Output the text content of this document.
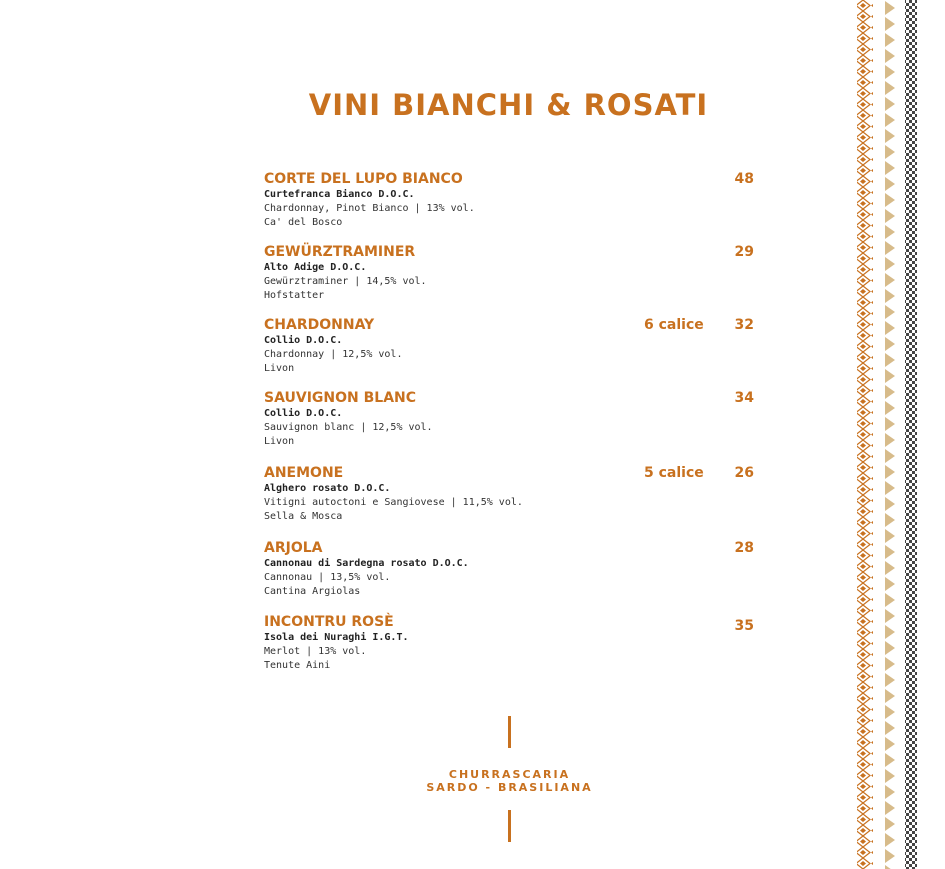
VINI BIANCHI & ROSATI
CORTE DEL LUPO BIANCO	48
Curtefranca Bianco D.O.C.
Chardonnay, Pinot Bianco | 13% vol.
Ca' del Bosco
GEWÜRZTRAMINER	29
Alto Adige D.O.C.
Gewürztraminer | 14,5% vol.
Hofstatter
CHARDONNAY	6 calice 32
Collio D.O.C.
Chardonnay | 12,5% vol.
Livon
SAUVIGNON BLANC	34
Collio D.O.C.
Sauvignon blanc | 12,5% vol.
Livon
ANEMONE	5 calice 26
Alghero rosato D.O.C.
Vitigni autoctoni e Sangiovese | 11,5% vol.
Sella & Mosca
ARJOLA	28
Cannonau di Sardegna rosato D.O.C.
Cannonau | 13,5% vol.
Cantina Argiolas
INCONTRU ROSÈ	35
Isola dei Nuraghi I.G.T.
Merlot | 13% vol.
Tenute Aini
CHURRASCARIA
SARDO - BRASILIANA
